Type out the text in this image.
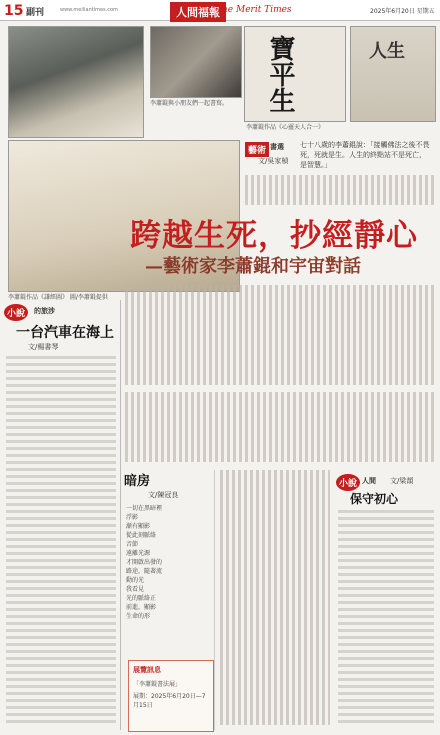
15 副刊	www.meiliantimes.com	人間福報
The Merit Times	2025年6月20日 星期五
李蕭錕與小朋友們一起書寫。	寶平生	人生
李蕭錕作品《心靈天人合一》
李蕭錕作品《謙經圖》 圖/李蕭錕提供
藝術 書選
文/吳家楨
七十八歲的李蕭錕說：「接觸佛法之後不畏死，死就是生。人生的終點站不是死亡，是智慧。」
跨越生死，抄經靜心
—藝術家李蕭錕和宇宙對話
小說	的旅涉
一台汽車在海上
文/楊書琴
暗房
文/陳冠良
一切在黑暗裡
浮影
漸有顯影
從此刻脈絡
音節
遠離光源
才開啟出發的
路途，隨著流
動的光
我看見
光的脈絡正
前進，顯影
生命的形
展覽訊息
「李蕭錕書法展」
展期：2025年6月20日—7月15日
小說 人間 文/梁頡
保守初心
